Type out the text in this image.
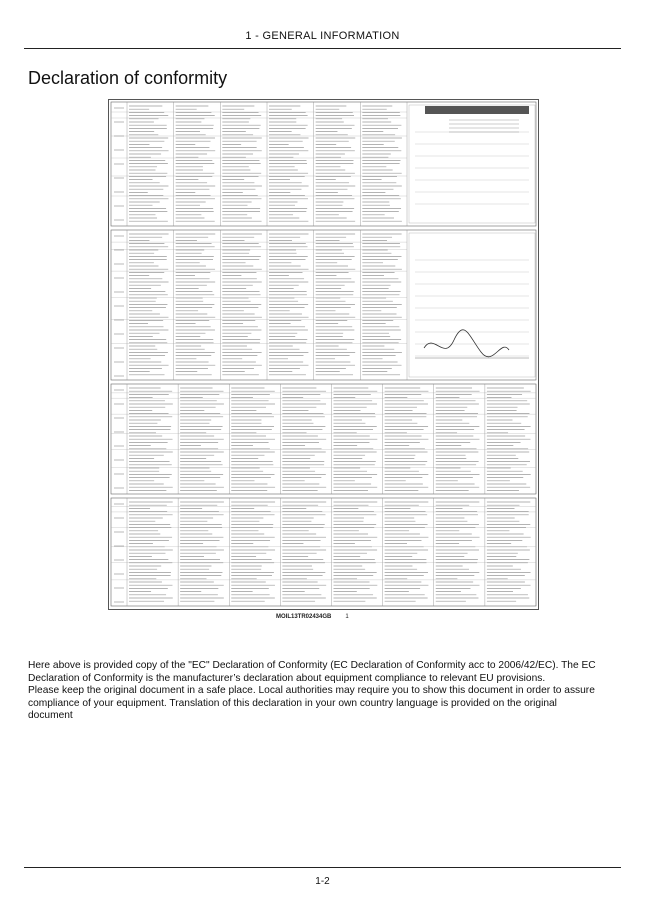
1 - GENERAL INFORMATION
Declaration of conformity
MOIL13TR02434GB 1

Here above is provided copy of the "EC" Declaration of Conformity (EC Declaration of Conformity acc to 2006/42/EC). The EC Declaration of Conformity is the manufacturer’s declaration about equipment compliance to relevant EU provisions.

Please keep the original document in a safe place. Local authorities may require you to show this document in order to assure compliance of your equipment. Translation of this declaration in your own country language is provided on the original document

1-2
